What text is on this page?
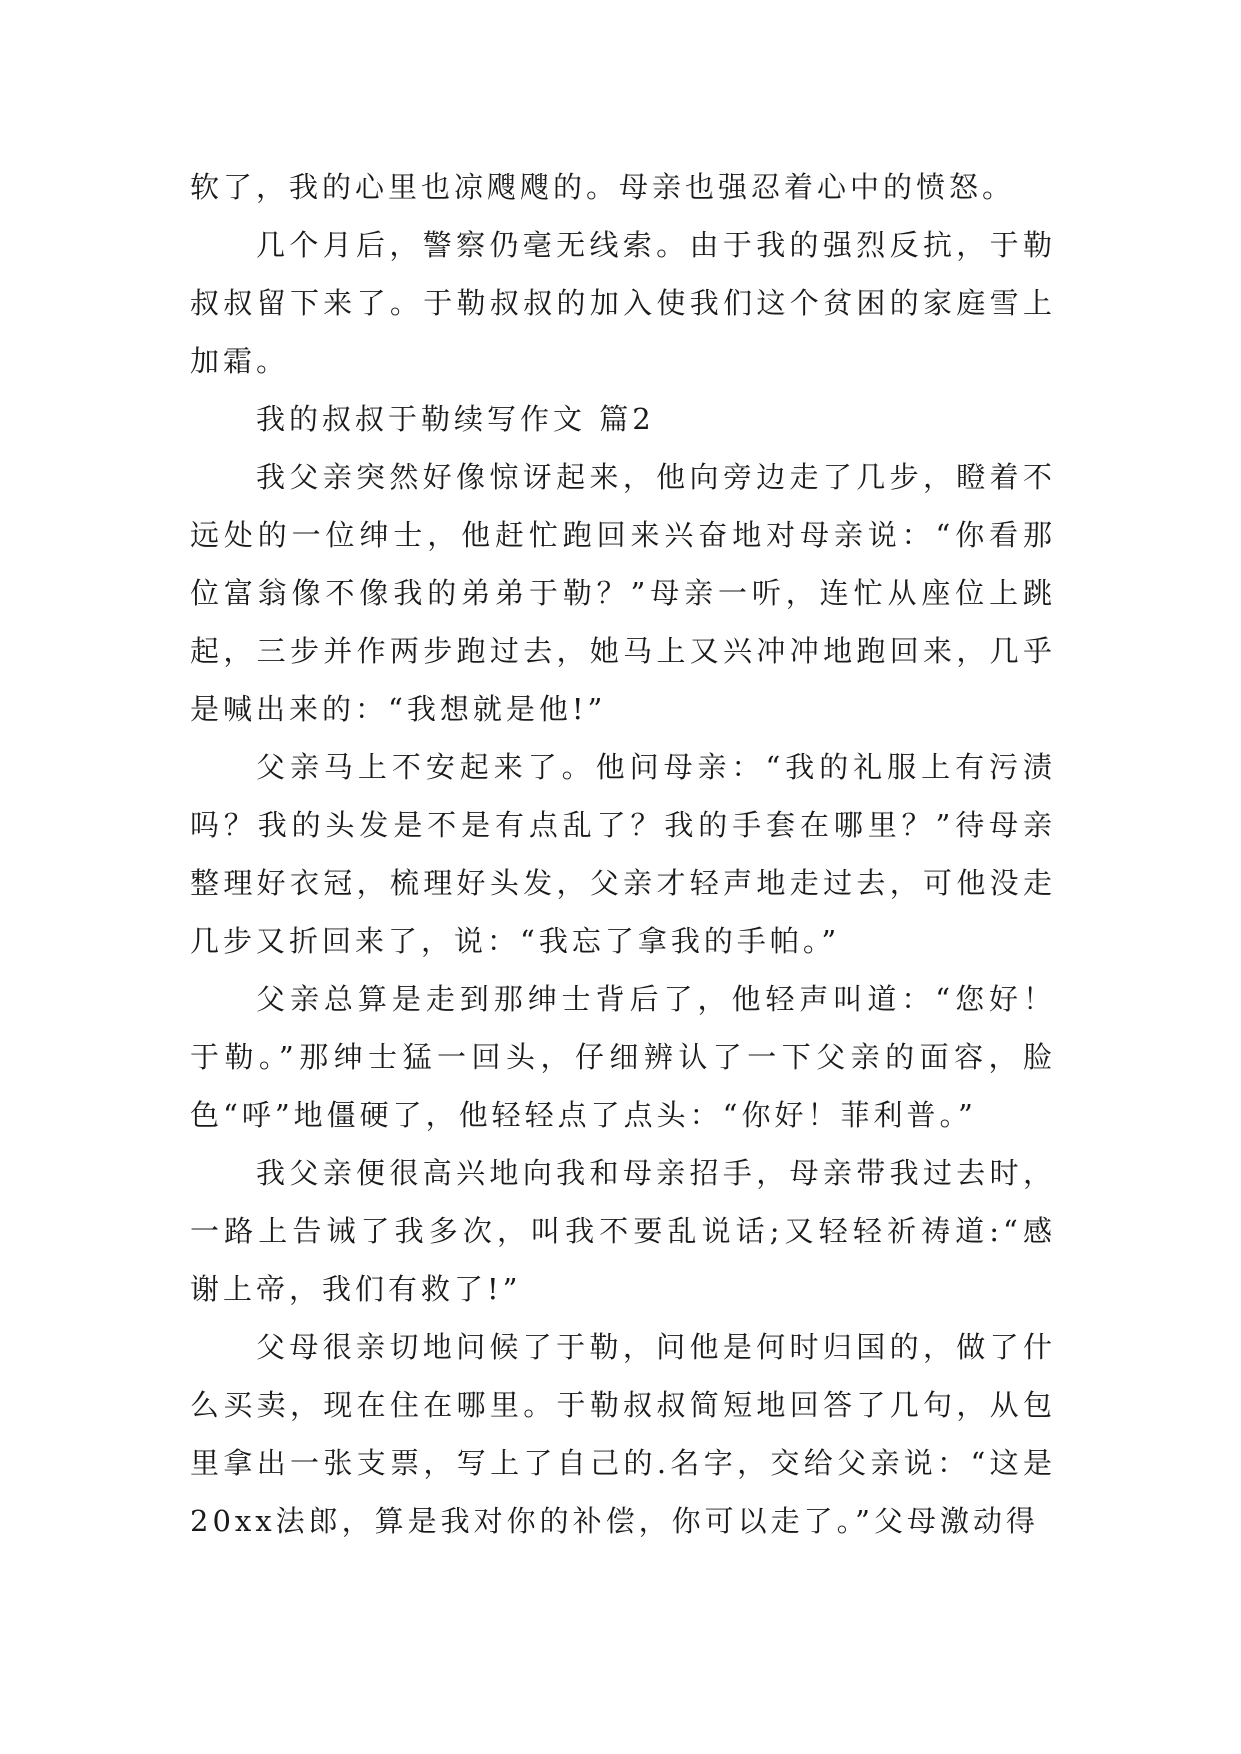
软了，我的心里也凉飕飕的。母亲也强忍着心中的愤怒。

几个月后，警察仍毫无线索。由于我的强烈反抗，于勒叔叔留下来了。于勒叔叔的加入使我们这个贫困的家庭雪上加霜。

我的叔叔于勒续写作文 篇2

我父亲突然好像惊讶起来，他向旁边走了几步，瞪着不远处的一位绅士，他赶忙跑回来兴奋地对母亲说：“你看那位富翁像不像我的弟弟于勒？”母亲一听，连忙从座位上跳起，三步并作两步跑过去，她马上又兴冲冲地跑回来，几乎是喊出来的：“我想就是他!”

父亲马上不安起来了。他问母亲：“我的礼服上有污渍吗？我的头发是不是有点乱了？我的手套在哪里？”待母亲整理好衣冠，梳理好头发，父亲才轻声地走过去，可他没走几步又折回来了，说：“我忘了拿我的手帕。”

父亲总算是走到那绅士背后了，他轻声叫道：“您好！于勒。”那绅士猛一回头，仔细辨认了一下父亲的面容，脸色“呼”地僵硬了，他轻轻点了点头：“你好！菲利普。”

我父亲便很高兴地向我和母亲招手，母亲带我过去时，一路上告诫了我多次，叫我不要乱说话;又轻轻祈祷道:“感谢上帝，我们有救了!”

父母很亲切地问候了于勒，问他是何时归国的，做了什么买卖，现在住在哪里。于勒叔叔简短地回答了几句，从包里拿出一张支票，写上了自己的.名字，交给父亲说：“这是20xx法郎，算是我对你的补偿，你可以走了。”父母激动得
